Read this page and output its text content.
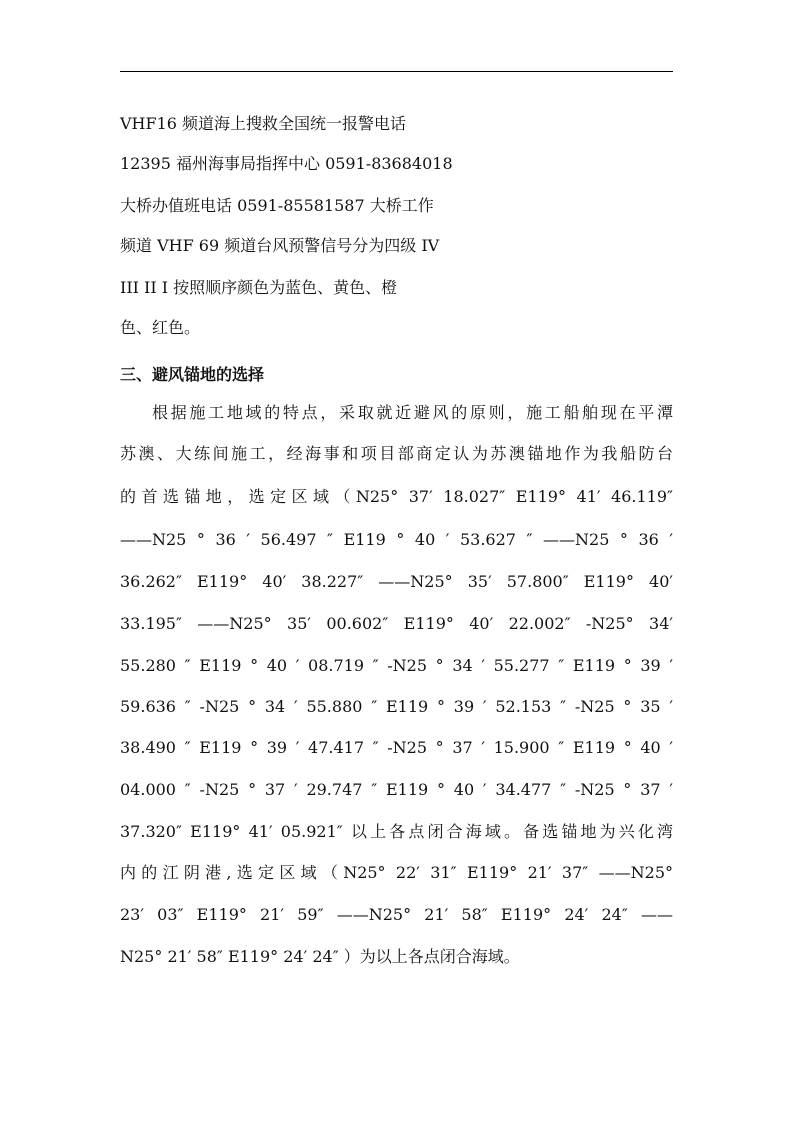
VHF16 频道海上搜救全国统一报警电话
12395 福州海事局指挥中心 0591-83684018
大桥办值班电话 0591-85581587 大桥工作
频道 VHF 69 频道台风预警信号分为四级 IV
III II I 按照顺序颜色为蓝色、黄色、橙
色、红色。
三、避风锚地的选择
根据施工地域的特点，采取就近避风的原则，施工船舶现在平潭
苏澳、大练间施工，经海事和项目部商定认为苏澳锚地作为我船防台
的首选锚地，选定区域（N25° 37′ 18.027″ E119° 41′ 46.119″
——N25 ° 36 ′ 56.497 ″ E119 ° 40 ′ 53.627 ″ ——N25 ° 36 ′
36.262″ E119° 40′ 38.227″ ——N25° 35′ 57.800″ E119° 40′
33.195″ ——N25° 35′ 00.602″ E119° 40′ 22.002″ -N25° 34′
55.280 ″ E119 ° 40 ′ 08.719 ″ -N25 ° 34 ′ 55.277 ″ E119 ° 39 ′
59.636 ″ -N25 ° 34 ′ 55.880 ″ E119 ° 39 ′ 52.153 ″ -N25 ° 35 ′
38.490 ″ E119 ° 39 ′ 47.417 ″ -N25 ° 37 ′ 15.900 ″ E119 ° 40 ′
04.000 ″ -N25 ° 37 ′ 29.747 ″ E119 ° 40 ′ 34.477 ″ -N25 ° 37 ′
37.320″ E119° 41′ 05.921″ 以上各点闭合海域。备选锚地为兴化湾
内的江阴港,选定区域（N25° 22′ 31″ E119° 21′ 37″ ——N25°
23′ 03″ E119° 21′ 59″ ——N25° 21′ 58″ E119° 24′ 24″ ——
N25° 21′ 58″ E119° 24′ 24″ ）为以上各点闭合海域。
